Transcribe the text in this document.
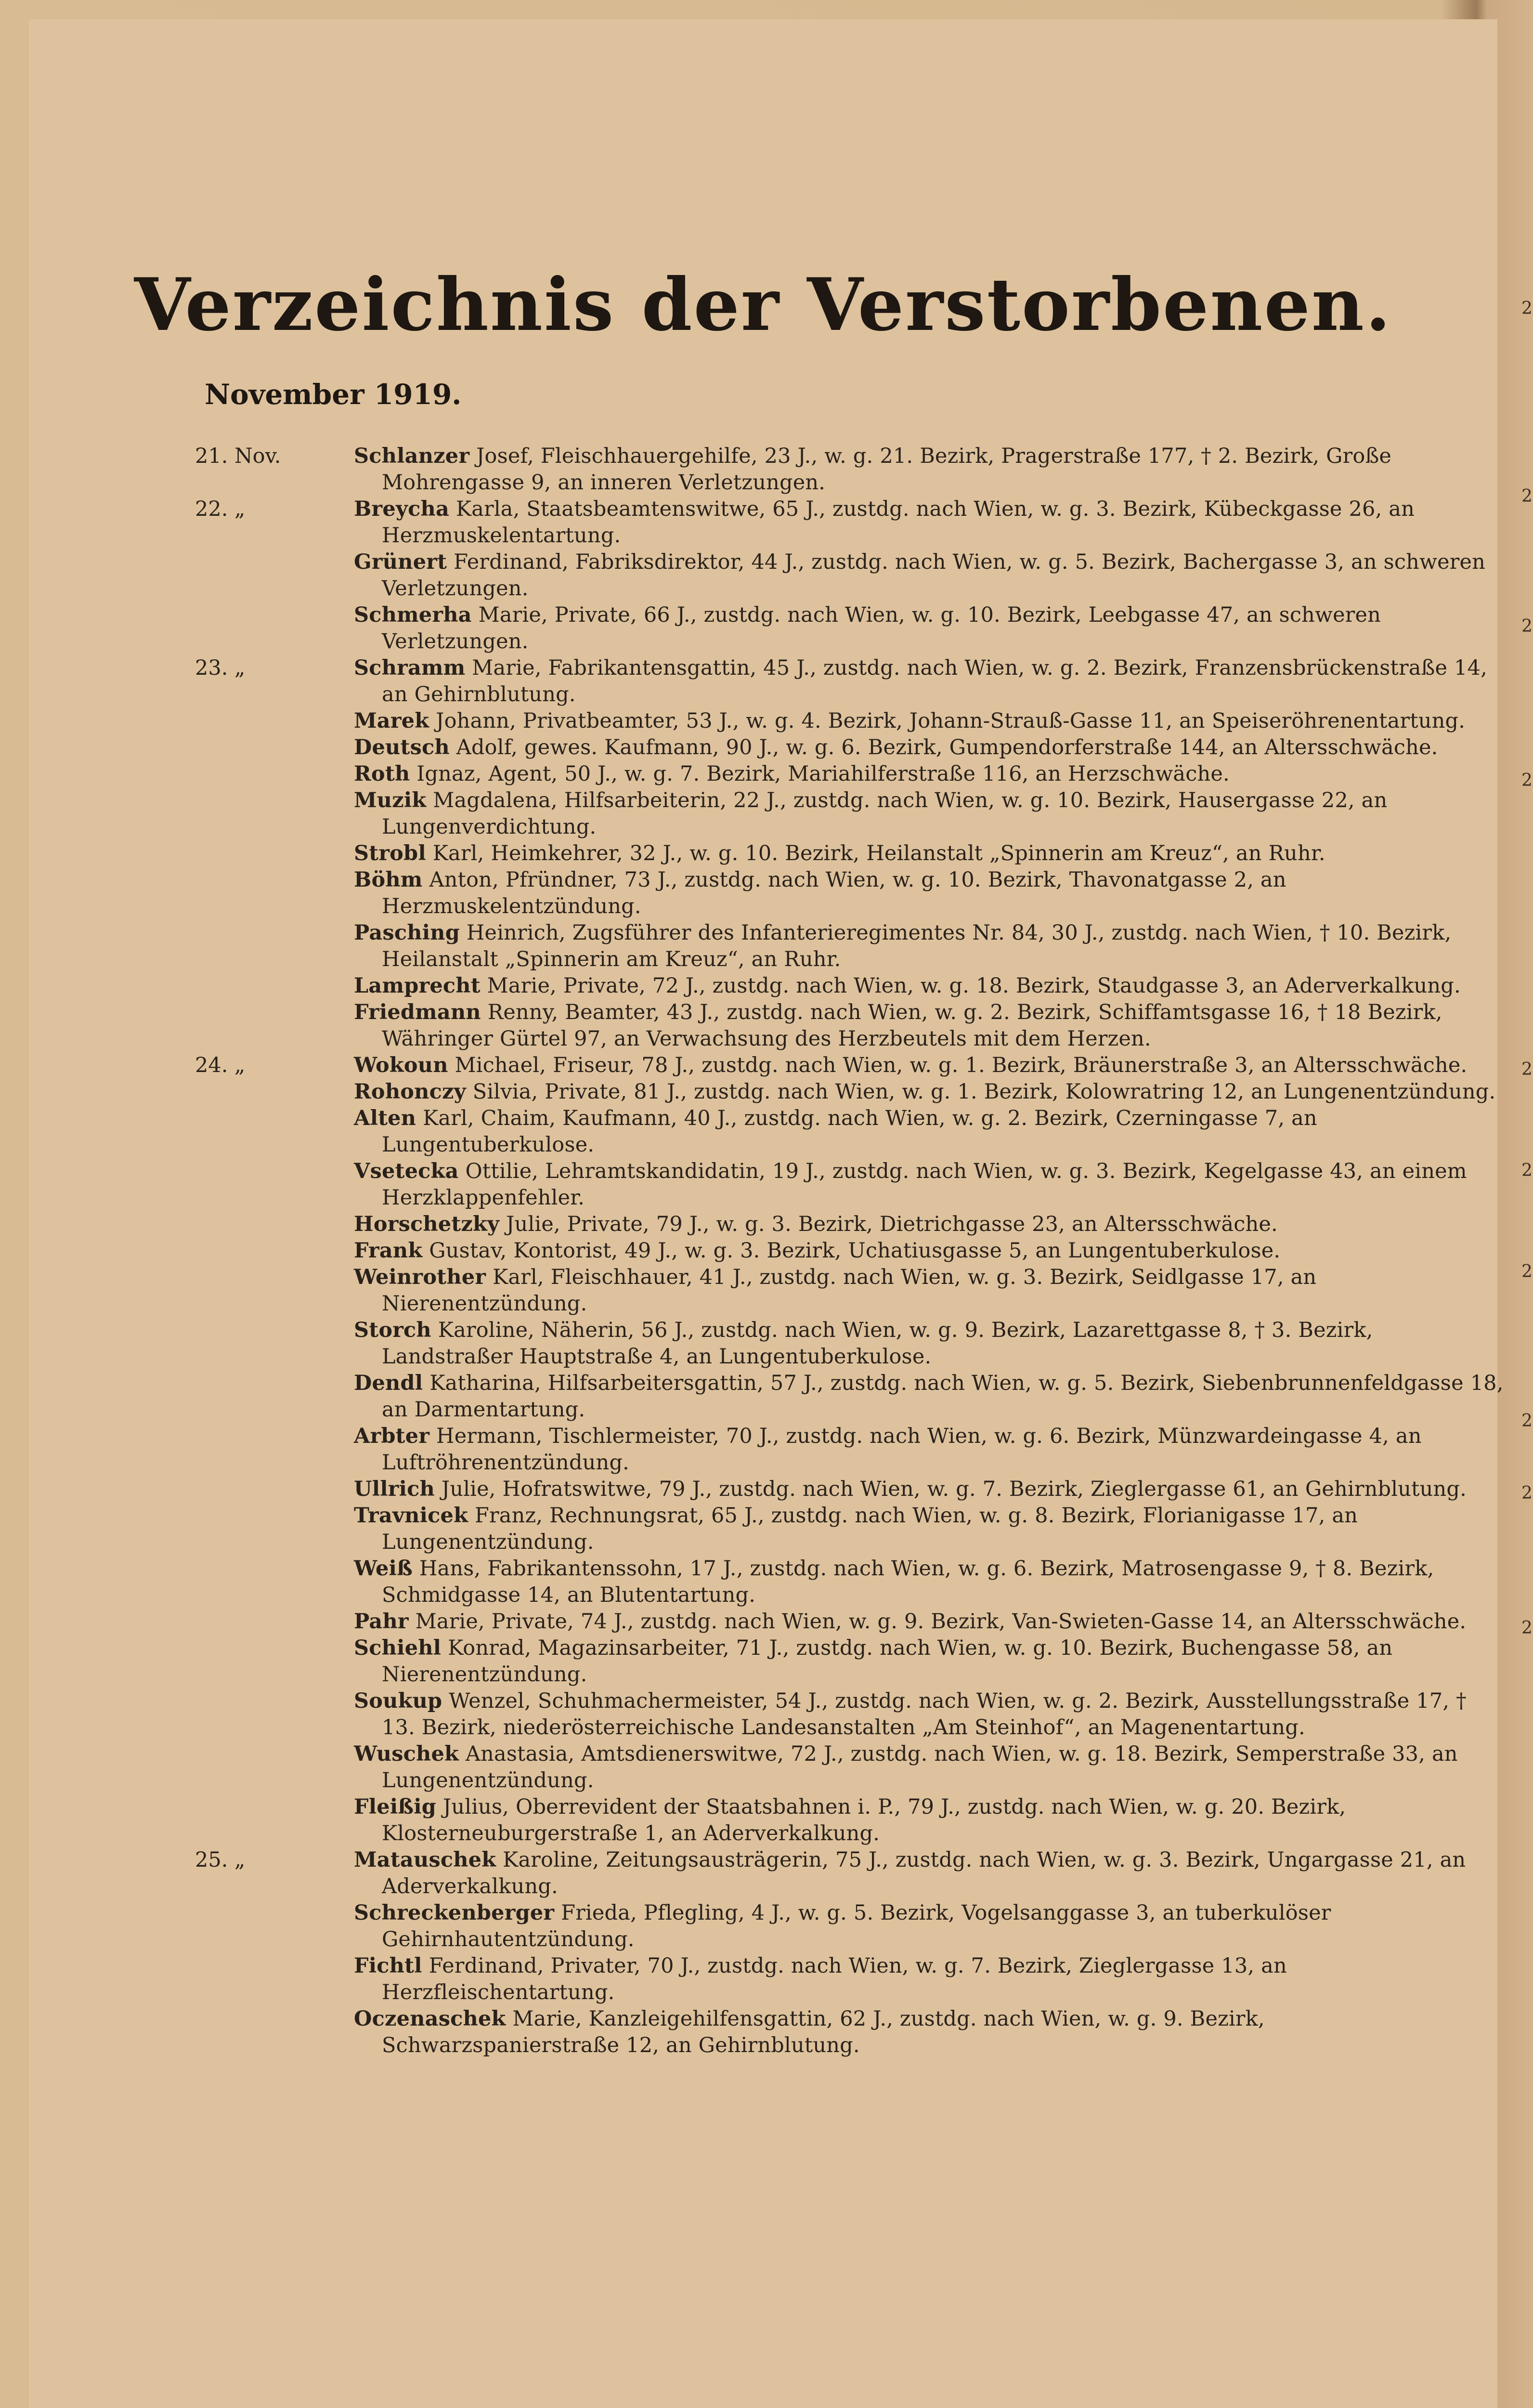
Verzeichnis der Verstorbenen.
November 1919.
21. Nov.	Schlanzer Josef, Fleischhauergehilfe, 23 J., w. g. 21. Bezirk, Pragerstraße 177, † 2. Bezirk, Große Mohrengasse 9, an inneren Verletzungen.
22. „	Breycha Karla, Staatsbeamtenswitwe, 65 J., zustdg. nach Wien, w. g. 3. Bezirk, Kübeckgasse 26, an Herzmuskelentartung.
Grünert Ferdinand, Fabriksdirektor, 44 J., zustdg. nach Wien, w. g. 5. Bezirk, Bachergasse 3, an schweren Verletzungen.
Schmerha Marie, Private, 66 J., zustdg. nach Wien, w. g. 10. Bezirk, Leebgasse 47, an schweren Verletzungen.
23. „	Schramm Marie, Fabrikantensgattin, 45 J., zustdg. nach Wien, w. g. 2. Bezirk, Franzensbrückenstraße 14, an Gehirnblutung.
Marek Johann, Privatbeamter, 53 J., w. g. 4. Bezirk, Johann-Strauß-Gasse 11, an Speiseröhrenentartung.
Deutsch Adolf, gewes. Kaufmann, 90 J., w. g. 6. Bezirk, Gumpendorferstraße 144, an Altersschwäche.
Roth Ignaz, Agent, 50 J., w. g. 7. Bezirk, Mariahilferstraße 116, an Herzschwäche.
Muzik Magdalena, Hilfsarbeiterin, 22 J., zustdg. nach Wien, w. g. 10. Bezirk, Hausergasse 22, an Lungenverdichtung.
Strobl Karl, Heimkehrer, 32 J., w. g. 10. Bezirk, Heilanstalt „Spinnerin am Kreuz“, an Ruhr.
Böhm Anton, Pfründner, 73 J., zustdg. nach Wien, w. g. 10. Bezirk, Thavonatgasse 2, an Herzmuskelentzündung.
Pasching Heinrich, Zugsführer des Infanterieregimentes Nr. 84, 30 J., zustdg. nach Wien, † 10. Bezirk, Heilanstalt „Spinnerin am Kreuz“, an Ruhr.
Lamprecht Marie, Private, 72 J., zustdg. nach Wien, w. g. 18. Bezirk, Staudgasse 3, an Aderverkalkung.
Friedmann Renny, Beamter, 43 J., zustdg. nach Wien, w. g. 2. Bezirk, Schiffamtsgasse 16, † 18 Bezirk, Währinger Gürtel 97, an Verwachsung des Herzbeutels mit dem Herzen.
24. „	Wokoun Michael, Friseur, 78 J., zustdg. nach Wien, w. g. 1. Bezirk, Bräunerstraße 3, an Altersschwäche.
Rohonczy Silvia, Private, 81 J., zustdg. nach Wien, w. g. 1. Bezirk, Kolowratring 12, an Lungenentzündung.
Alten Karl, Chaim, Kaufmann, 40 J., zustdg. nach Wien, w. g. 2. Bezirk, Czerningasse 7, an Lungentuberkulose.
Vsetecka Ottilie, Lehramtskandidatin, 19 J., zustdg. nach Wien, w. g. 3. Bezirk, Kegelgasse 43, an einem Herzklappenfehler.
Horschetzky Julie, Private, 79 J., w. g. 3. Bezirk, Dietrichgasse 23, an Altersschwäche.
Frank Gustav, Kontorist, 49 J., w. g. 3. Bezirk, Uchatiusgasse 5, an Lungentuberkulose.
Weinrother Karl, Fleischhauer, 41 J., zustdg. nach Wien, w. g. 3. Bezirk, Seidlgasse 17, an Nierenentzündung.
Storch Karoline, Näherin, 56 J., zustdg. nach Wien, w. g. 9. Bezirk, Lazarettgasse 8, † 3. Bezirk, Landstraßer Hauptstraße 4, an Lungentuberkulose.
Dendl Katharina, Hilfsarbeitersgattin, 57 J., zustdg. nach Wien, w. g. 5. Bezirk, Siebenbrunnenfeldgasse 18, an Darmentartung.
Arbter Hermann, Tischlermeister, 70 J., zustdg. nach Wien, w. g. 6. Bezirk, Münzwardeingasse 4, an Luftröhrenentzündung.
Ullrich Julie, Hofratswitwe, 79 J., zustdg. nach Wien, w. g. 7. Bezirk, Zieglergasse 61, an Gehirnblutung.
Travnicek Franz, Rechnungsrat, 65 J., zustdg. nach Wien, w. g. 8. Bezirk, Florianigasse 17, an Lungenentzündung.
Weiß Hans, Fabrikantenssohn, 17 J., zustdg. nach Wien, w. g. 6. Bezirk, Matrosengasse 9, † 8. Bezirk, Schmidgasse 14, an Blutentartung.
Pahr Marie, Private, 74 J., zustdg. nach Wien, w. g. 9. Bezirk, Van-Swieten-Gasse 14, an Altersschwäche.
Schiehl Konrad, Magazinsarbeiter, 71 J., zustdg. nach Wien, w. g. 10. Bezirk, Buchengasse 58, an Nierenentzündung.
Soukup Wenzel, Schuhmachermeister, 54 J., zustdg. nach Wien, w. g. 2. Bezirk, Ausstellungsstraße 17, † 13. Bezirk, niederösterreichische Landesanstalten „Am Steinhof“, an Magenentartung.
Wuschek Anastasia, Amtsdienerswitwe, 72 J., zustdg. nach Wien, w. g. 18. Bezirk, Semperstraße 33, an Lungenentzündung.
Fleißig Julius, Oberrevident der Staatsbahnen i. P., 79 J., zustdg. nach Wien, w. g. 20. Bezirk, Klosterneuburgerstraße 1, an Aderverkalkung.
25. „	Matauschek Karoline, Zeitungsausträgerin, 75 J., zustdg. nach Wien, w. g. 3. Bezirk, Ungargasse 21, an Aderverkalkung.
Schreckenberger Frieda, Pflegling, 4 J., w. g. 5. Bezirk, Vogelsanggasse 3, an tuberkulöser Gehirnhautentzündung.
Fichtl Ferdinand, Privater, 70 J., zustdg. nach Wien, w. g. 7. Bezirk, Zieglergasse 13, an Herzfleischentartung.
Oczenaschek Marie, Kanzleigehilfensgattin, 62 J., zustdg. nach Wien, w. g. 9. Bezirk, Schwarzspanierstraße 12, an Gehirnblutung.
2
2
2
2
2
2
2
2
2
2
